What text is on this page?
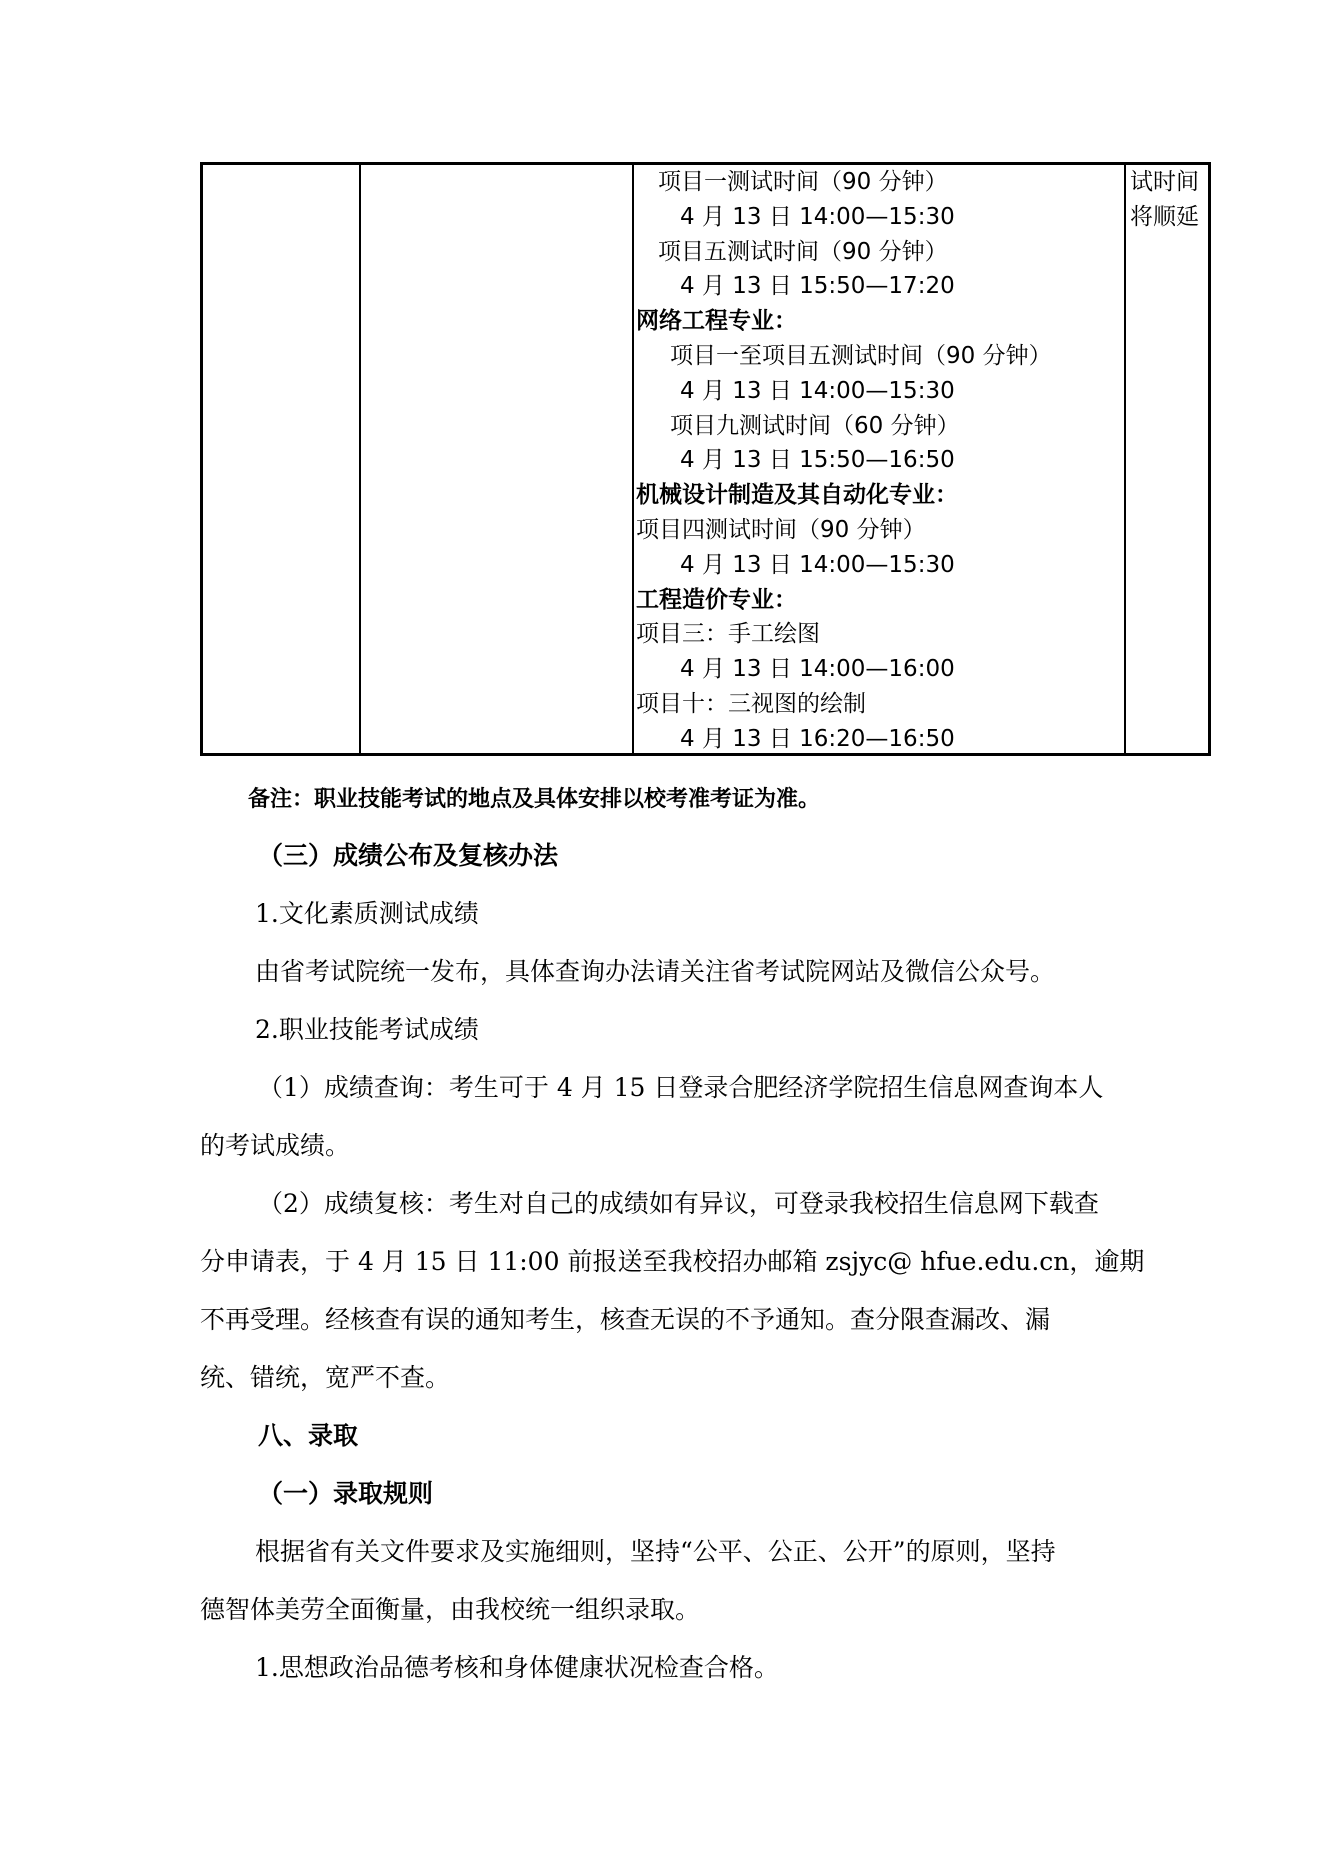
项目一测试时间（90 分钟）
4 月 13 日 14:00—15:30
项目五测试时间（90 分钟）
4 月 13 日 15:50—17:20
网络工程专业：
项目一至项目五测试时间（90 分钟）
4 月 13 日 14:00—15:30
项目九测试时间（60 分钟）
4 月 13 日 15:50—16:50
机械设计制造及其自动化专业：
项目四测试时间（90 分钟）
4 月 13 日 14:00—15:30
工程造价专业：
项目三：手工绘图
4 月 13 日 14:00—16:00
项目十：三视图的绘制
4 月 13 日 16:20—16:50
试时间
将顺延
备注：职业技能考试的地点及具体安排以校考准考证为准。
（三）成绩公布及复核办法
1.文化素质测试成绩
由省考试院统一发布，具体查询办法请关注省考试院网站及微信公众号。
2.职业技能考试成绩
（1）成绩查询：考生可于 4 月 15 日登录合肥经济学院招生信息网查询本人
的考试成绩。
（2）成绩复核：考生对自己的成绩如有异议，可登录我校招生信息网下载查
分申请表，于 4 月 15 日 11:00 前报送至我校招办邮箱 zsjyc@ hfue.edu.cn，逾期
不再受理。经核查有误的通知考生，核查无误的不予通知。查分限查漏改、漏
统、错统，宽严不查。
八、录取
（一）录取规则
根据省有关文件要求及实施细则，坚持“公平、公正、公开”的原则，坚持
德智体美劳全面衡量，由我校统一组织录取。
1.思想政治品德考核和身体健康状况检查合格。
